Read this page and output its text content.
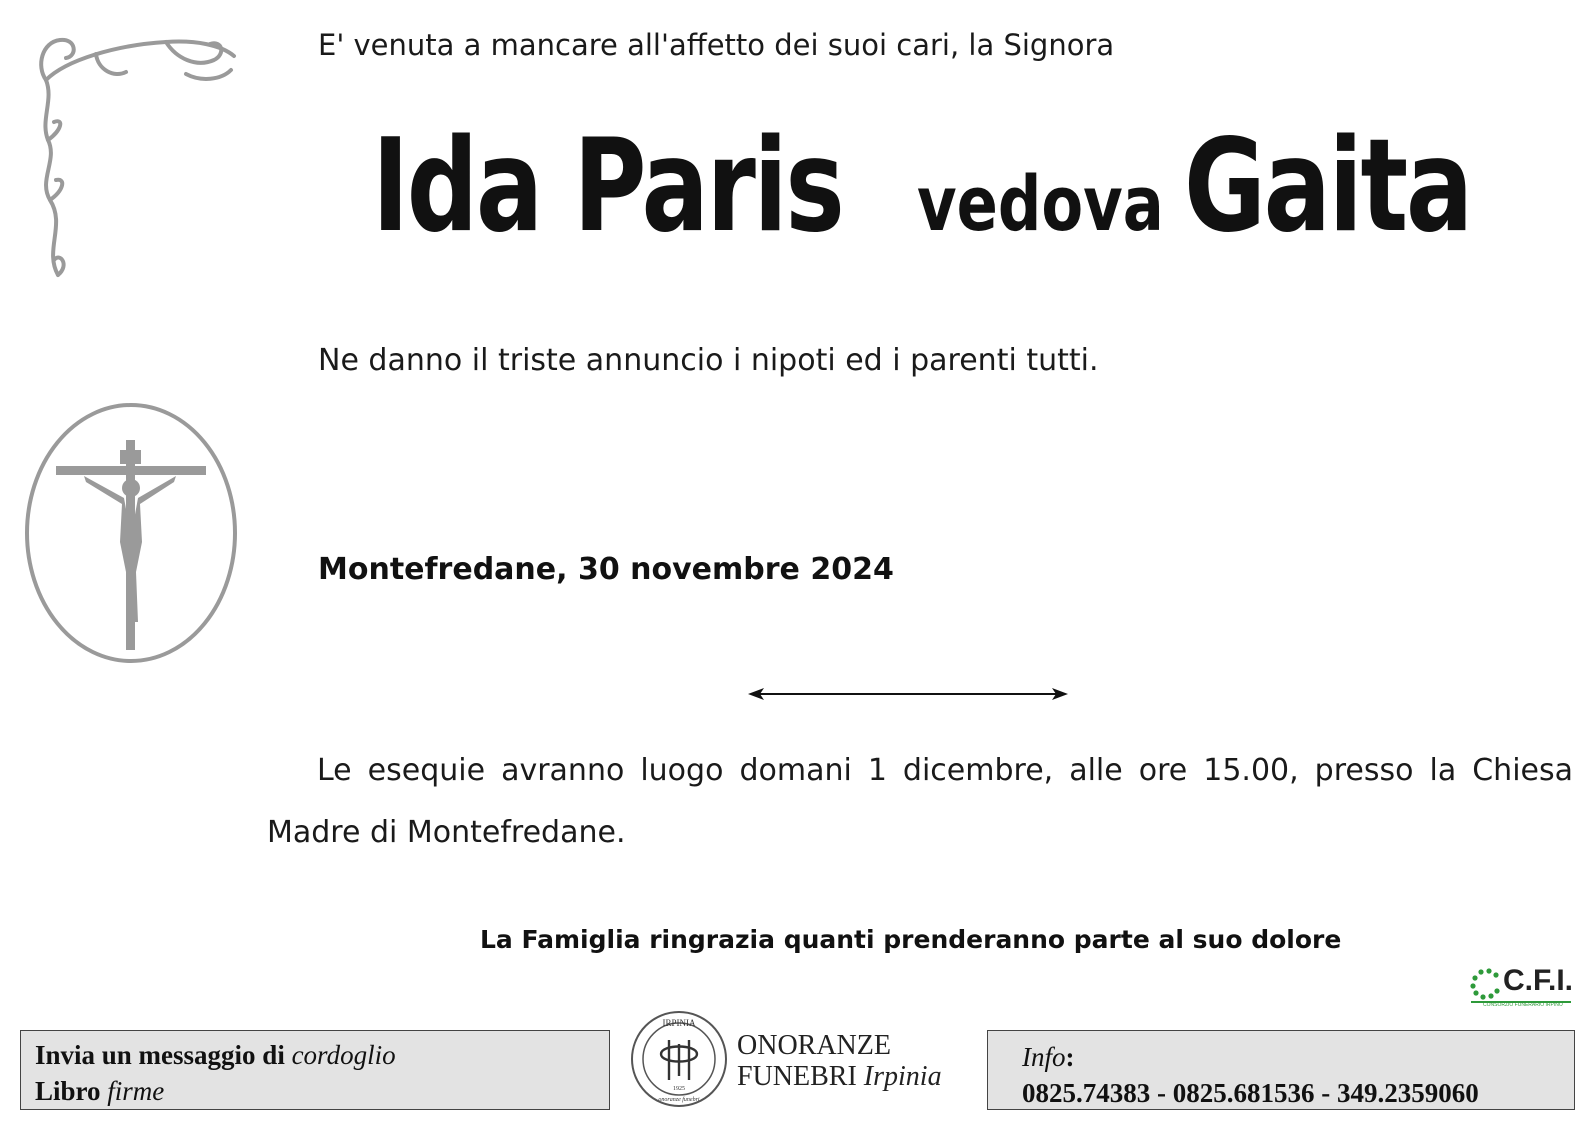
E' venuta a mancare all'affetto dei suoi cari, la Signora
Ida Paris vedova Gaita
Ne danno il triste annuncio i nipoti ed i parenti tutti.
Montefredane, 30 novembre 2024
Le esequie avranno luogo domani 1 dicembre, alle ore 15.00, presso la Chiesa Madre di Montefredane.
La Famiglia ringrazia quanti prenderanno parte al suo dolore
C.F.I.
CONSORZIO FUNERARIO IRPINO
Invia un messaggio di cordoglio
Libro firme
IRPINIA
1925
onoranze funebri
ONORANZE
FUNEBRI Irpinia
Info:
0825.74383 - 0825.681536 - 349.2359060
